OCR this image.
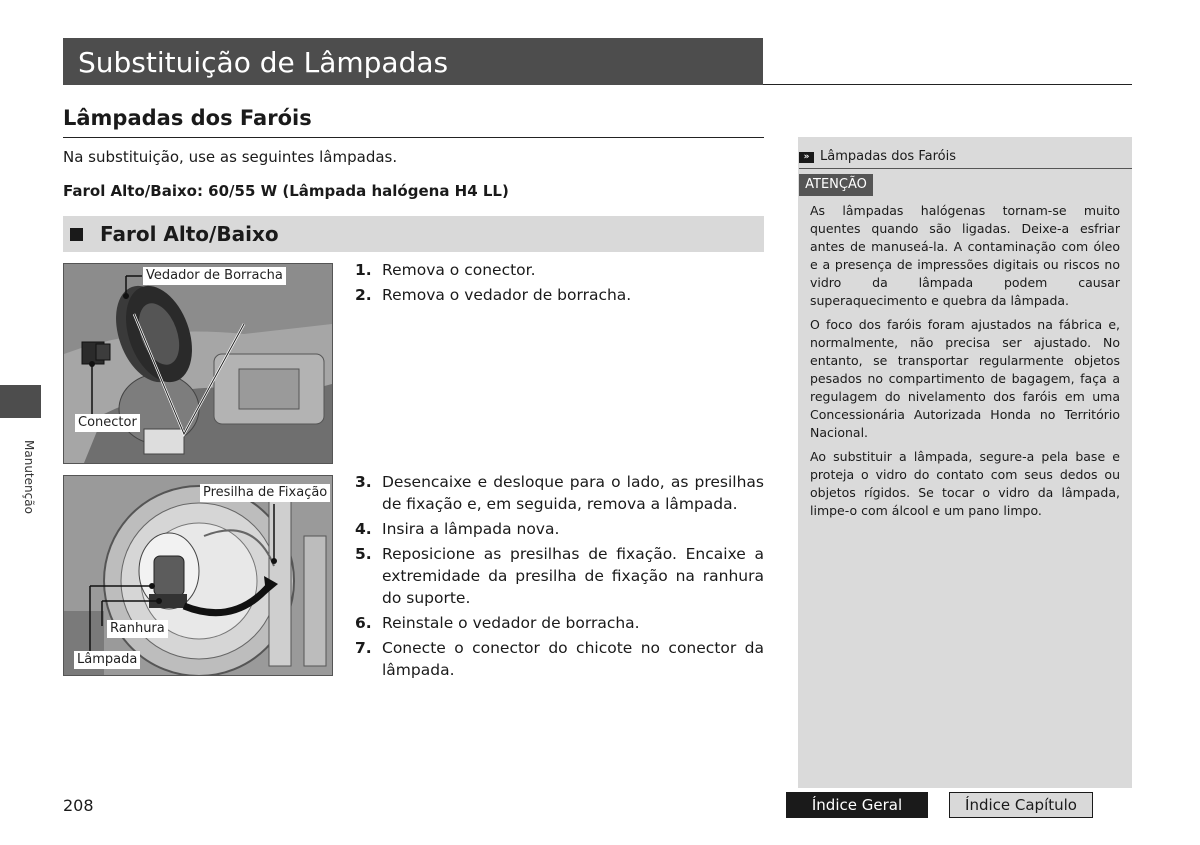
Substituição de Lâmpadas
Lâmpadas dos Faróis
Na substituição, use as seguintes lâmpadas.
Farol Alto/Baixo: 60/55 W (Lâmpada halógena H4 LL)
Farol Alto/Baixo
Vedador de Borracha
Conector
1. Remova o conector.
2. Remova o vedador de borracha.
Presilha de Fixação
Ranhura
Lâmpada
3. Desencaixe e desloque para o lado, as presilhas de fixação e, em seguida, remova a lâmpada.
4. Insira a lâmpada nova.
5. Reposicione as presilhas de fixação. Encaixe a extremidade da presilha de fixação na ranhura do suporte.
6. Reinstale o vedador de borracha.
7. Conecte o conector do chicote no conector da lâmpada.
Manutenção
» Lâmpadas dos Faróis
ATENÇÃO

As lâmpadas halógenas tornam-se muito quentes quando são ligadas. Deixe-a esfriar antes de manuseá-la. A contaminação com óleo e a presença de impressões digitais ou riscos no vidro da lâmpada podem causar superaquecimento e quebra da lâmpada.

O foco dos faróis foram ajustados na fábrica e, normalmente, não precisa ser ajustado. No entanto, se transportar regularmente objetos pesados no compartimento de bagagem, faça a regulagem do nivelamento dos faróis em uma Concessionária Autorizada Honda no Território Nacional.

Ao substituir a lâmpada, segure-a pela base e proteja o vidro do contato com seus dedos ou objetos rígidos. Se tocar o vidro da lâmpada, limpe-o com álcool e um pano limpo.

208	Índice Geral	Índice Capítulo
